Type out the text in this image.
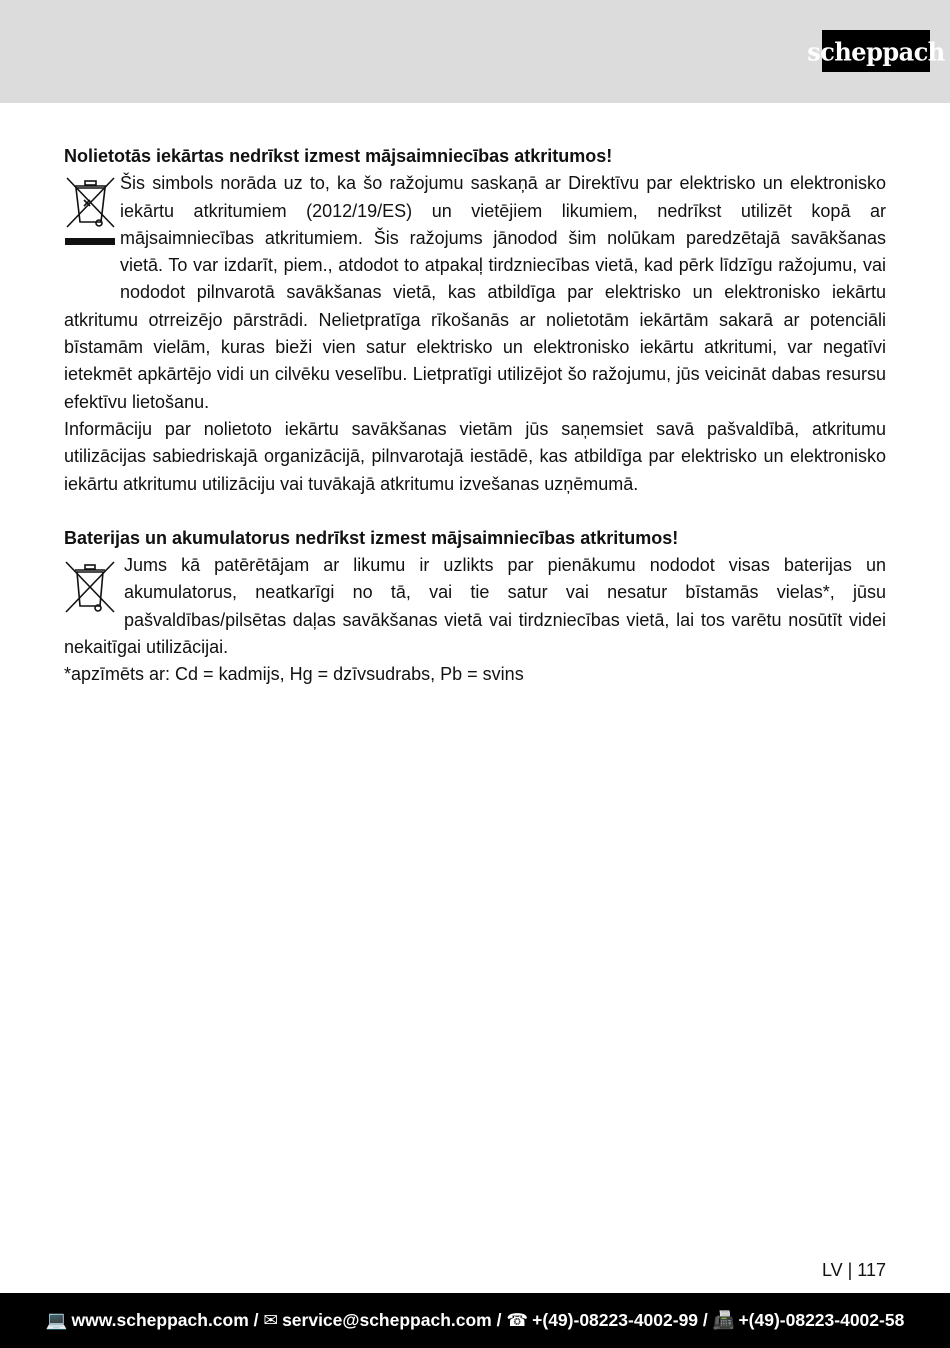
scheppach
Nolietotās iekārtas nedrīkst izmest mājsaimniecības atkritumos!

Šis simbols norāda uz to, ka šo ražojumu saskaņā ar Direktīvu par elektrisko un elektronisko iekārtu atkritumiem (2012/19/ES) un vietējiem likumiem, nedrīkst utilizēt kopā ar mājsaimniecības atkritumiem. Šis ražojums jānodod šim nolūkam paredzētajā savākšanas vietā. To var izdarīt, piem., atdodot to atpakaļ tirdzniecības vietā, kad pērk līdzīgu ražojumu, vai nododot pilnvarotā savākšanas vietā, kas atbildīga par elektrisko un elektronisko iekārtu atkritumu otrreizējo pārstrādi. Nelietpratīga rīkošanās ar nolietotām iekārtām sakarā ar potenciāli bīstamām vielām, kuras bieži vien satur elektrisko un elektronisko iekārtu atkritumi, var negatīvi ietekmēt apkārtējo vidi un cilvēku veselību. Lietpratīgi utilizējot šo ražojumu, jūs veicināt dabas resursu efektīvu lietošanu.

Informāciju par nolietoto iekārtu savākšanas vietām jūs saņemsiet savā pašvaldībā, atkritumu utilizācijas sabiedriskajā organizācijā, pilnvarotajā iestādē, kas atbildīga par elektrisko un elektronisko iekārtu atkritumu utilizāciju vai tuvākajā atkritumu izvešanas uzņēmumā.

Baterijas un akumulatorus nedrīkst izmest mājsaimniecības atkritumos!

Jums kā patērētājam ar likumu ir uzlikts par pienākumu nododot visas baterijas un akumulatorus, neatkarīgi no tā, vai tie satur vai nesatur bīstamās vielas*, jūsu pašvaldības/pilsētas daļas savākšanas vietā vai tirdzniecības vietā, lai tos varētu nosūtīt videi nekaitīgai utilizācijai.

*apzīmēts ar: Cd = kadmijs, Hg = dzīvsudrabs, Pb = svins

LV | 117
💻 www.scheppach.com /
✉ service@scheppach.com /
☎ +(49)-08223-4002-99 /
📠 +(49)-08223-4002-58
